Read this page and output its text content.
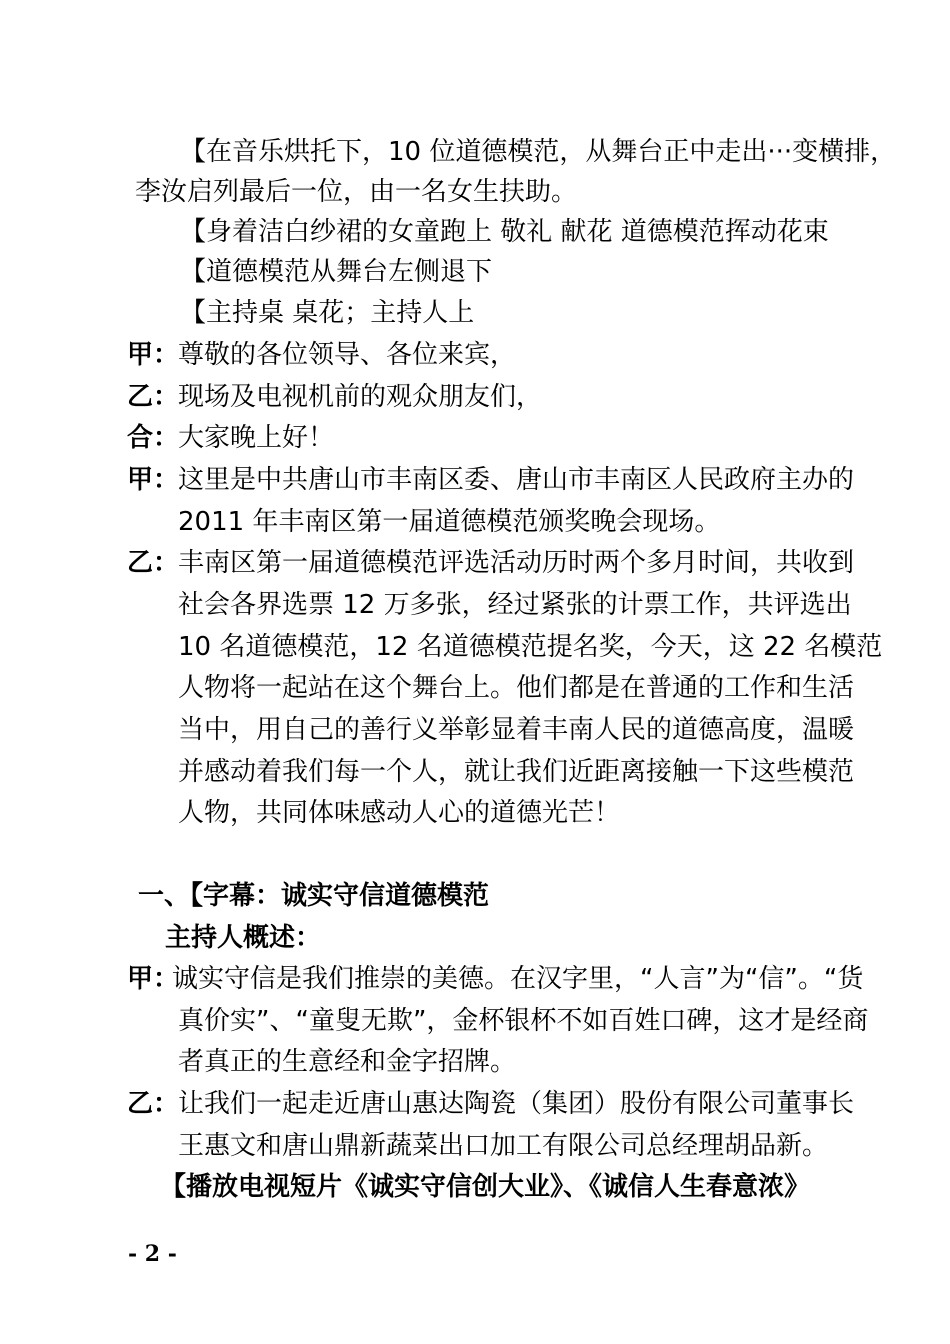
【在音乐烘托下，10 位道德模范，从舞台正中走出···变横排，
李汝启列最后一位，由一名女生扶助。
【身着洁白纱裙的女童跑上 敬礼 献花 道德模范挥动花束
【道德模范从舞台左侧退下
【主持桌 桌花；主持人上
甲：
尊敬的各位领导、各位来宾，
乙：
现场及电视机前的观众朋友们，
合：
大家晚上好！
甲：
这里是中共唐山市丰南区委、唐山市丰南区人民政府主办的
2011 年丰南区第一届道德模范颁奖晚会现场。
乙：
丰南区第一届道德模范评选活动历时两个多月时间，共收到
社会各界选票 12 万多张，经过紧张的计票工作，共评选出
10 名道德模范，12 名道德模范提名奖，今天，这 22 名模范
人物将一起站在这个舞台上。他们都是在普通的工作和生活
当中，用自己的善行义举彰显着丰南人民的道德高度，温暖
并感动着我们每一个人，就让我们近距离接触一下这些模范
人物，共同体味感动人心的道德光芒！
一、【字幕：诚实守信道德模范
主持人概述：
甲：
诚实守信是我们推崇的美德。在汉字里，“人言”为“信”。“货
真价实”、“童叟无欺”，金杯银杯不如百姓口碑，这才是经商
者真正的生意经和金字招牌。
乙：
让我们一起走近唐山惠达陶瓷（集团）股份有限公司董事长
王惠文和唐山鼎新蔬菜出口加工有限公司总经理胡品新。
【播放电视短片《诚实守信创大业》、《诚信人生春意浓》
- 2 -
